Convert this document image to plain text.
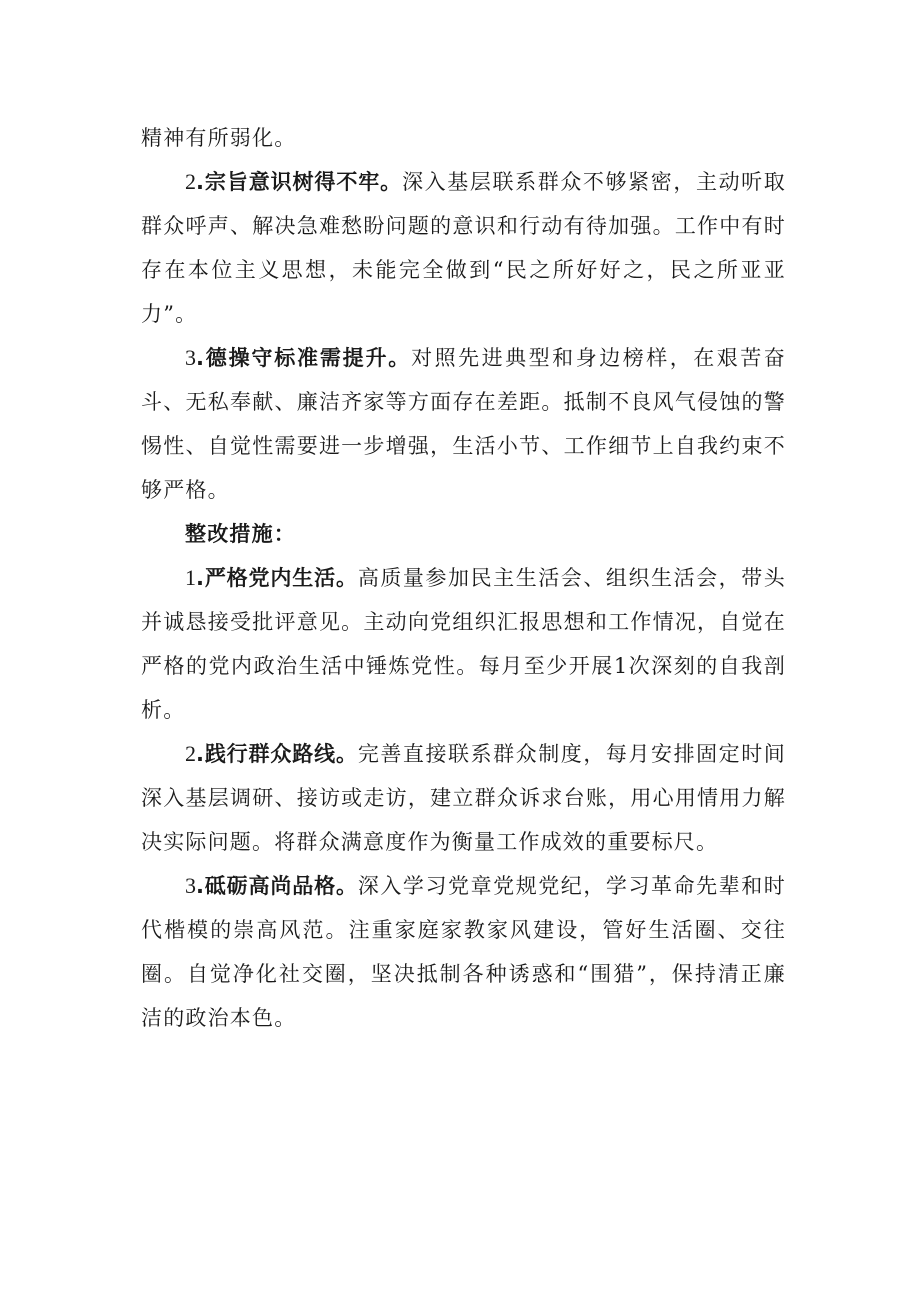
精神有所弱化。

2.宗旨意识树得不牢。深入基层联系群众不够紧密，主动听取群众呼声、解决急难愁盼问题的意识和行动有待加强。工作中有时存在本位主义思想，未能完全做到“民之所好好之，民之所亚亚力”。

3.德操守标准需提升。对照先进典型和身边榜样，在艰苦奋斗、无私奉献、廉洁齐家等方面存在差距。抵制不良风气侵蚀的警惕性、自觉性需要进一步增强，生活小节、工作细节上自我约束不够严格。

整改措施：

1.严格党内生活。高质量参加民主生活会、组织生活会，带头并诚恳接受批评意见。主动向党组织汇报思想和工作情况，自觉在严格的党内政治生活中锤炼党性。每月至少开展1次深刻的自我剖析。

2.践行群众路线。完善直接联系群众制度，每月安排固定时间深入基层调研、接访或走访，建立群众诉求台账，用心用情用力解决实际问题。将群众满意度作为衡量工作成效的重要标尺。

3.砥砺高尚品格。深入学习党章党规党纪，学习革命先辈和时代楷模的崇高风范。注重家庭家教家风建设，管好生活圈、交往圈。自觉净化社交圈，坚决抵制各种诱惑和“围猎”，保持清正廉洁的政治本色。
